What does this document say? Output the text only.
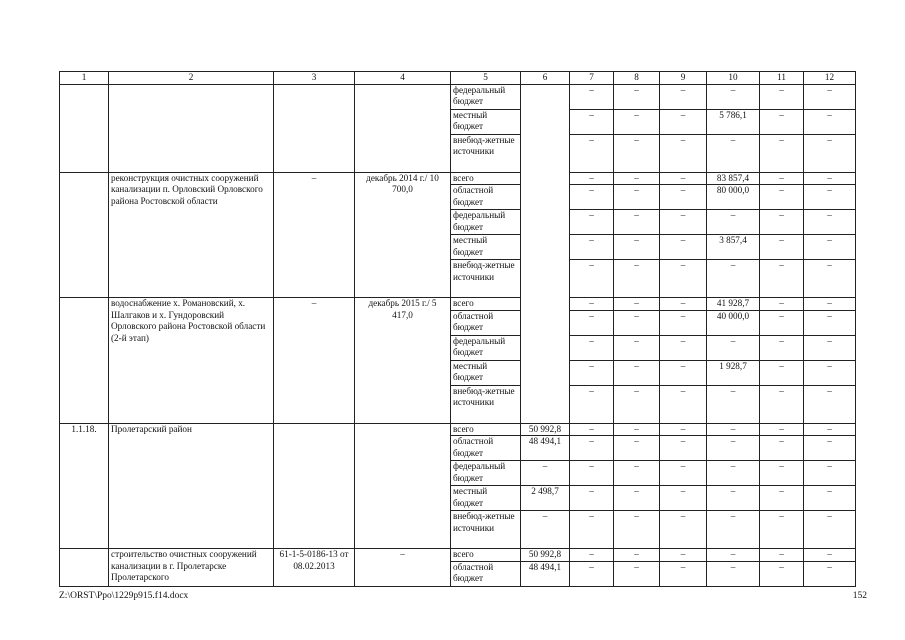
1	2	3	4	5	6	7	8	9	10	11	12
				федеральный бюджет		–	–	–	–	–	–
				местный бюджет		–	–	–	5 786,1	–	–
				внебюд-жетные источники		–	–	–	–	–	–
	реконструкция очистных сооружений канализации п. Орловский Орловского района Ростовской области	–	декабрь 2014 г./ 10 700,0	всего		–	–	–	83 857,4	–	–
				областной бюджет		–	–	–	80 000,0	–	–
				федеральный бюджет		–	–	–	–	–	–
				местный бюджет		–	–	–	3 857,4	–	–
				внебюд-жетные источники		–	–	–	–	–	–
	водоснабжение х. Романовский, х. Шалгаков и х. Гундоровский Орловского района Ростовской области (2-й этап)	–	декабрь 2015 г./ 5 417,0	всего		–	–	–	41 928,7	–	–
				областной бюджет		–	–	–	40 000,0	–	–
				федеральный бюджет		–	–	–	–	–	–
				местный бюджет		–	–	–	1 928,7	–	–
				внебюд-жетные источники		–	–	–	–	–	–
1.1.18.	Пролетарский район			всего	50 992,8	–	–	–	–	–	–
				областной бюджет	48 494,1	–	–	–	–	–	–
				федеральный бюджет	–	–	–	–	–	–	–
				местный бюджет	2 498,7	–	–	–	–	–	–
				внебюд-жетные источники	–	–	–	–	–	–	–
	строительство очистных сооружений канализации в г. Пролетарске Пролетарского	61-1-5-0186-13 от 08.02.2013	–	всего	50 992,8	–	–	–	–	–	–
				областной бюджет	48 494,1	–	–	–	–	–	–
Z:\ORST\Ppo\1229p915.f14.docx	152
